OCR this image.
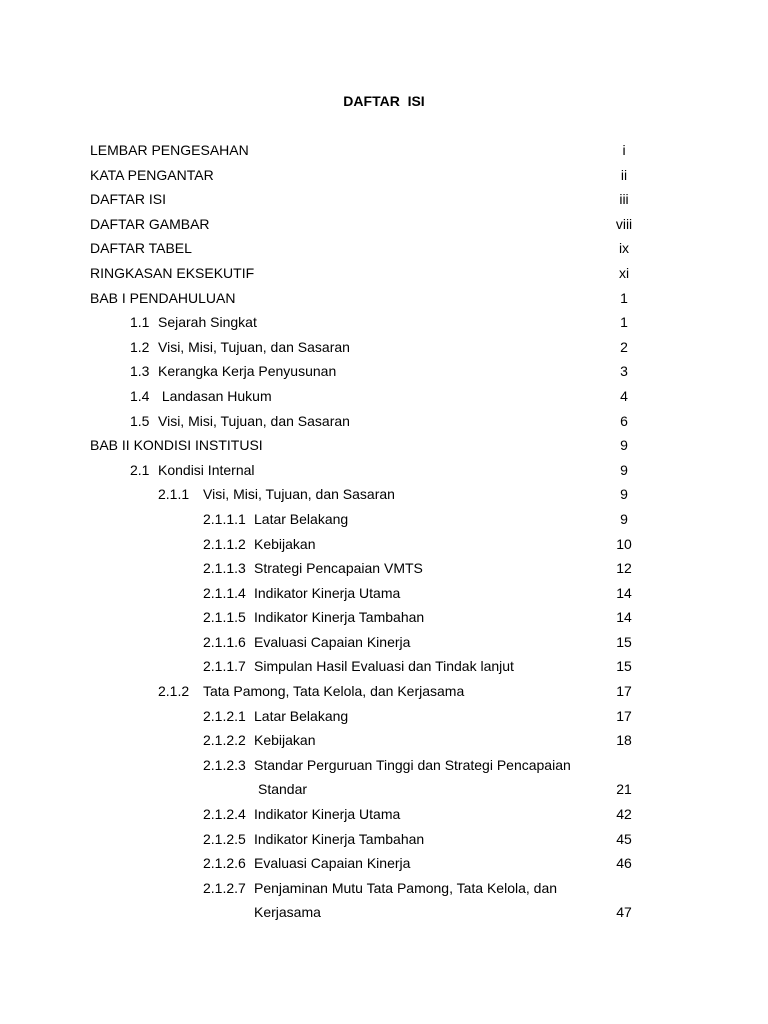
DAFTAR  ISI
LEMBAR PENGESAHAN	i
KATA PENGANTAR	ii
DAFTAR ISI	iii
DAFTAR GAMBAR	viii
DAFTAR TABEL	ix
RINGKASAN EKSEKUTIF	xi
BAB I PENDAHULUAN	1
1.1 Sejarah Singkat	1
1.2 Visi, Misi, Tujuan, dan Sasaran	2
1.3 Kerangka Kerja Penyusunan	3
1.4 Landasan Hukum	4
1.5 Visi, Misi, Tujuan, dan Sasaran	6
BAB II KONDISI INSTITUSI	9
2.1 Kondisi Internal	9
2.1.1 Visi, Misi, Tujuan, dan Sasaran	9
2.1.1.1 Latar Belakang	9
2.1.1.2 Kebijakan	10
2.1.1.3 Strategi Pencapaian VMTS	12
2.1.1.4 Indikator Kinerja Utama	14
2.1.1.5 Indikator Kinerja Tambahan	14
2.1.1.6 Evaluasi Capaian Kinerja	15
2.1.1.7 Simpulan Hasil Evaluasi dan Tindak lanjut	15
2.1.2 Tata Pamong, Tata Kelola, dan Kerjasama	17
2.1.2.1 Latar Belakang	17
2.1.2.2 Kebijakan	18
2.1.2.3 Standar Perguruan Tinggi dan Strategi Pencapaian
Standar	21
2.1.2.4 Indikator Kinerja Utama	42
2.1.2.5 Indikator Kinerja Tambahan	45
2.1.2.6 Evaluasi Capaian Kinerja	46
2.1.2.7 Penjaminan Mutu Tata Pamong, Tata Kelola, dan
Kerjasama	47
